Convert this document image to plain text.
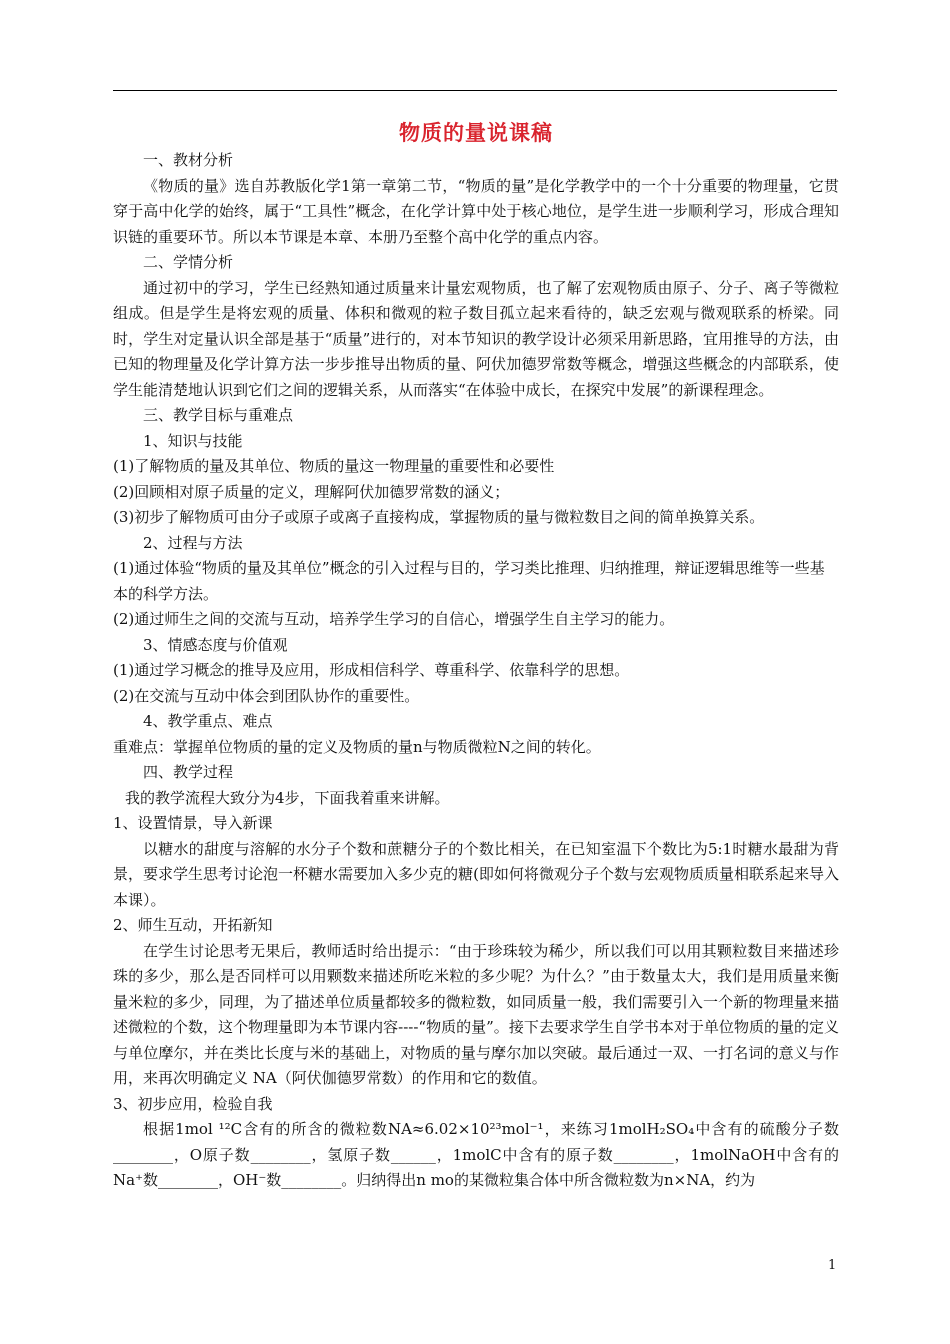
物质的量说课稿

一、教材分析

《物质的量》选自苏教版化学1第一章第二节，“物质的量”是化学教学中的一个十分重要的物理量，它贯穿于高中化学的始终，属于“工具性”概念，在化学计算中处于核心地位，是学生进一步顺利学习，形成合理知识链的重要环节。所以本节课是本章、本册乃至整个高中化学的重点内容。

二、学情分析

通过初中的学习，学生已经熟知通过质量来计量宏观物质，也了解了宏观物质由原子、分子、离子等微粒组成。但是学生是将宏观的质量、体积和微观的粒子数目孤立起来看待的，缺乏宏观与微观联系的桥梁。同时，学生对定量认识全部是基于“质量”进行的，对本节知识的教学设计必须采用新思路，宜用推导的方法，由已知的物理量及化学计算方法一步步推导出物质的量、阿伏加德罗常数等概念，增强这些概念的内部联系，使学生能清楚地认识到它们之间的逻辑关系，从而落实“在体验中成长，在探究中发展”的新课程理念。

三、教学目标与重难点

1、知识与技能

(1)了解物质的量及其单位、物质的量这一物理量的重要性和必要性

(2)回顾相对原子质量的定义，理解阿伏加德罗常数的涵义；

(3)初步了解物质可由分子或原子或离子直接构成，掌握物质的量与微粒数目之间的简单换算关系。

2、过程与方法

(1)通过体验“物质的量及其单位”概念的引入过程与目的，学习类比推理、归纳推理，辩证逻辑思维等一些基本的科学方法。

(2)通过师生之间的交流与互动，培养学生学习的自信心，增强学生自主学习的能力。

3、情感态度与价值观

(1)通过学习概念的推导及应用，形成相信科学、尊重科学、依靠科学的思想。

(2)在交流与互动中体会到团队协作的重要性。

4、教学重点、难点

重难点：掌握单位物质的量的定义及物质的量n与物质微粒N之间的转化。

四、教学过程

我的教学流程大致分为4步，下面我着重来讲解。

1、设置情景，导入新课

以糖水的甜度与溶解的水分子个数和蔗糖分子的个数比相关，在已知室温下个数比为5:1时糖水最甜为背景，要求学生思考讨论泡一杯糖水需要加入多少克的糖(即如何将微观分子个数与宏观物质质量相联系起来导入本课）。

2、师生互动，开拓新知

在学生讨论思考无果后，教师适时给出提示：“由于珍珠较为稀少，所以我们可以用其颗粒数目来描述珍珠的多少，那么是否同样可以用颗数来描述所吃米粒的多少呢？为什么？”由于数量太大，我们是用质量来衡量米粒的多少，同理，为了描述单位质量都较多的微粒数，如同质量一般，我们需要引入一个新的物理量来描述微粒的个数，这个物理量即为本节课内容----“物质的量”。接下去要求学生自学书本对于单位物质的量的定义与单位摩尔，并在类比长度与米的基础上，对物质的量与摩尔加以突破。最后通过一双、一打名词的意义与作用，来再次明确定义 NA（阿伏伽德罗常数）的作用和它的数值。

3、初步应用，检验自我

根据1mol ¹²C含有的所含的微粒数NA≈6.02×10²³mol⁻¹，来练习1molH₂SO₄中含有的硫酸分子数________，O原子数________，氢原子数______，1molC中含有的原子数________，1molNaOH中含有的Na⁺数________，OH⁻数________。归纳得出n mo的某微粒集合体中所含微粒数为n×NA，约为

1
